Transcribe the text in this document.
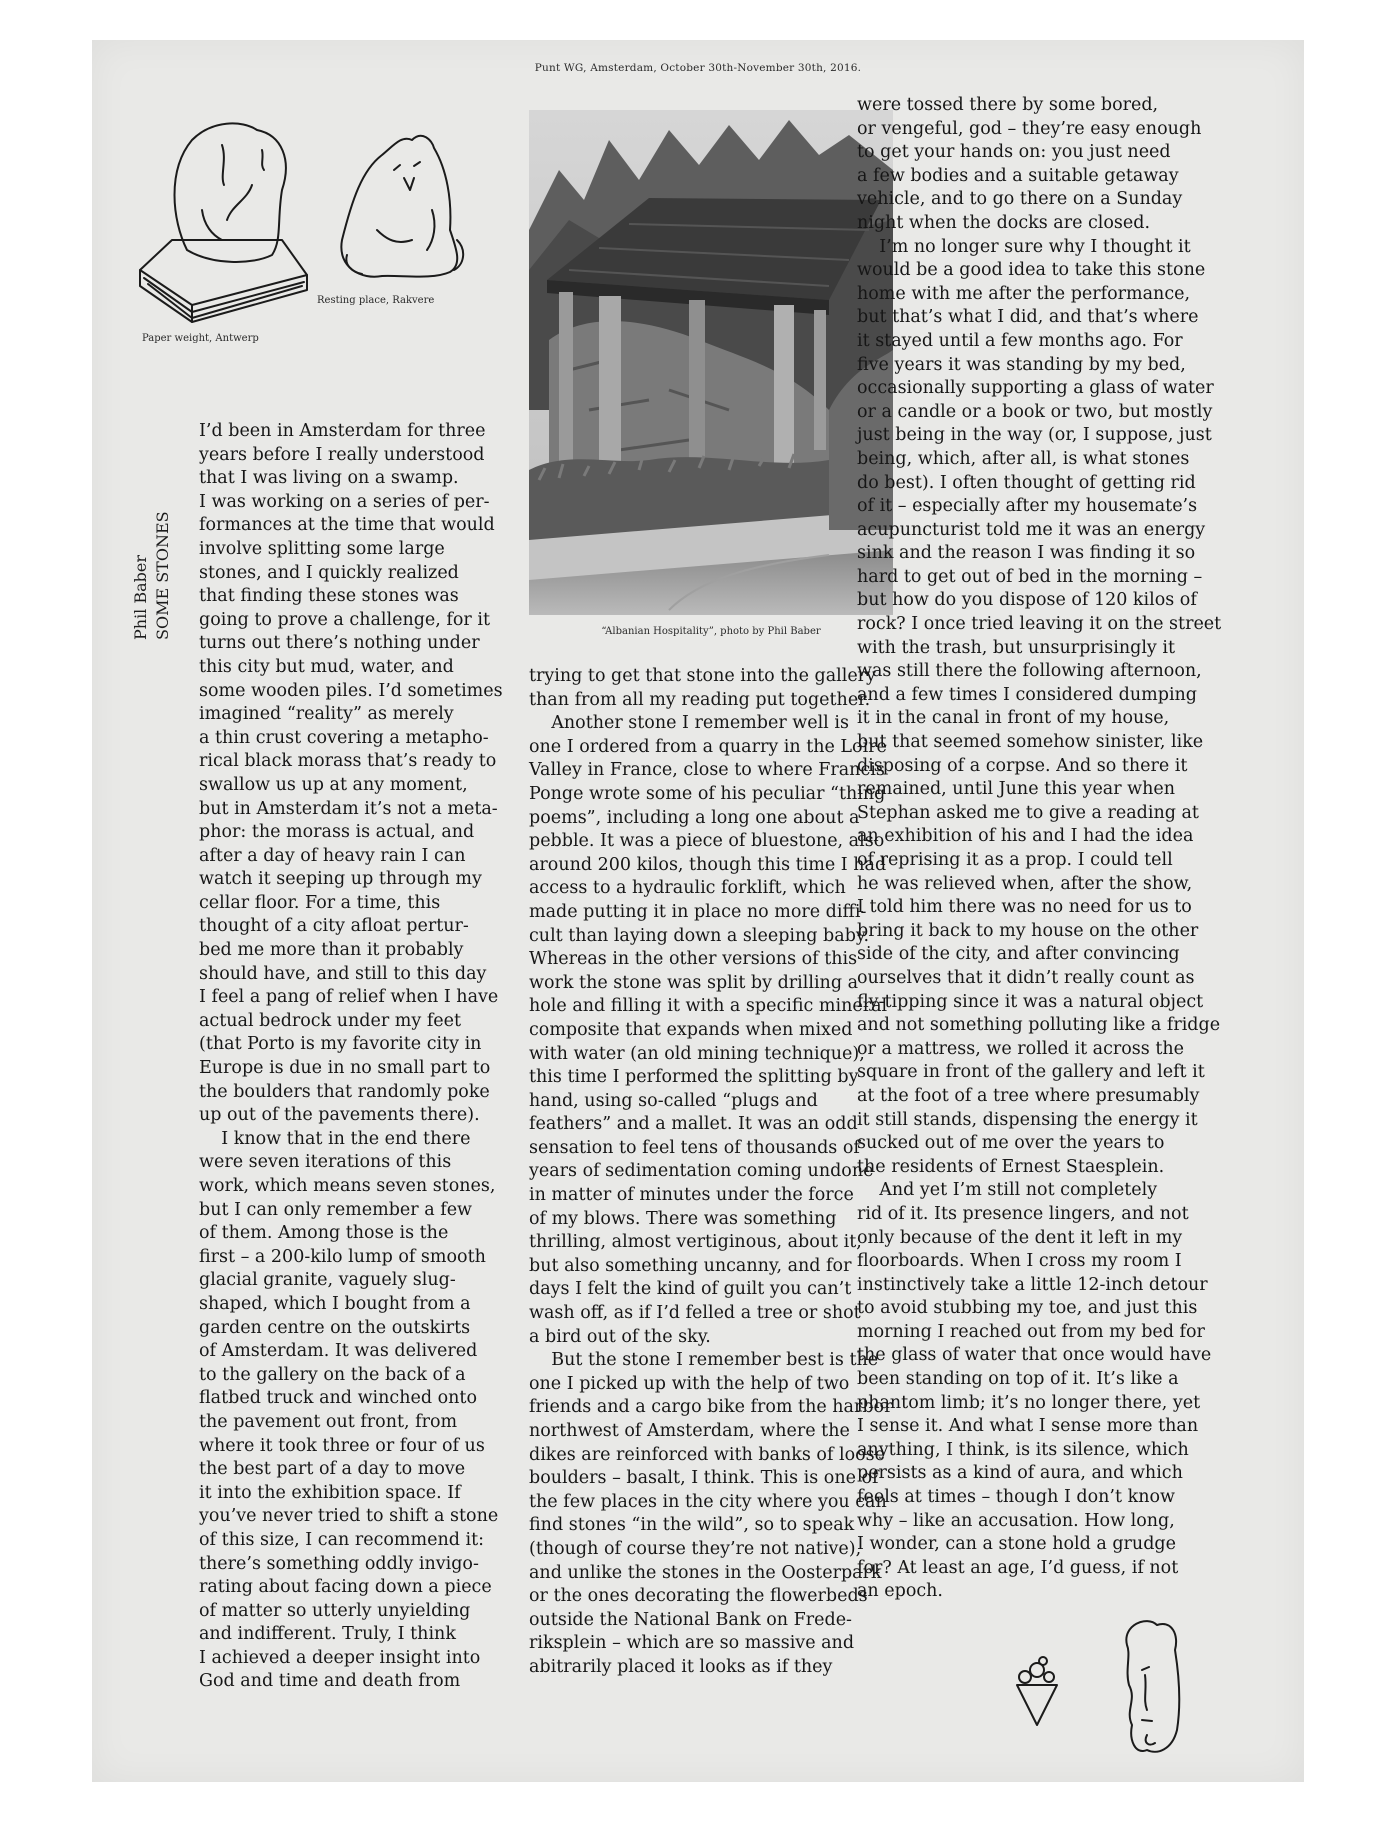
Punt WG, Amsterdam, October 30th-November 30th, 2016.
Resting place, Rakvere
Paper weight, Antwerp
Phil Baber SOME STONES	“Albanian Hospitality”, photo by Phil Baber
I’d been in Amsterdam for three
years before I really understood
that I was living on a swamp.
I was working on a series of per-
formances at the time that would
involve splitting some large
stones, and I quickly realized
that finding these stones was
going to prove a challenge, for it
turns out there’s nothing under
this city but mud, water, and
some wooden piles. I’d sometimes
imagined “reality” as merely
a thin crust covering a metapho-
rical black morass that’s ready to
swallow us up at any moment,
but in Amsterdam it’s not a meta-
phor: the morass is actual, and
after a day of heavy rain I can
watch it seeping up through my
cellar floor. For a time, this
thought of a city afloat pertur-
bed me more than it probably
should have, and still to this day
I feel a pang of relief when I have
actual bedrock under my feet
(that Porto is my favorite city in
Europe is due in no small part to
the boulders that randomly poke
up out of the pavements there).
I know that in the end there
were seven iterations of this
work, which means seven stones,
but I can only remember a few
of them. Among those is the
first – a 200-kilo lump of smooth
glacial granite, vaguely slug-
shaped, which I bought from a
garden centre on the outskirts
of Amsterdam. It was delivered
to the gallery on the back of a
flatbed truck and winched onto
the pavement out front, from
where it took three or four of us
the best part of a day to move
it into the exhibition space. If
you’ve never tried to shift a stone
of this size, I can recommend it:
there’s something oddly invigo-
rating about facing down a piece
of matter so utterly unyielding
and indifferent. Truly, I think
I achieved a deeper insight into
God and time and death from
trying to get that stone into the gallery
than from all my reading put together.
Another stone I remember well is
one I ordered from a quarry in the Loire
Valley in France, close to where Francis
Ponge wrote some of his peculiar “thing
poems”, including a long one about a
pebble. It was a piece of bluestone, also
around 200 kilos, though this time I had
access to a hydraulic forklift, which
made putting it in place no more diffi-
cult than laying down a sleeping baby.
Whereas in the other versions of this
work the stone was split by drilling a
hole and filling it with a specific mineral
composite that expands when mixed
with water (an old mining technique),
this time I performed the splitting by
hand, using so-called “plugs and
feathers” and a mallet. It was an odd
sensation to feel tens of thousands of
years of sedimentation coming undone
in matter of minutes under the force
of my blows. There was something
thrilling, almost vertiginous, about it,
but also something uncanny, and for
days I felt the kind of guilt you can’t
wash off, as if I’d felled a tree or shot
a bird out of the sky.
But the stone I remember best is the
one I picked up with the help of two
friends and a cargo bike from the harbor
northwest of Amsterdam, where the
dikes are reinforced with banks of loose
boulders – basalt, I think. This is one of
the few places in the city where you can
find stones “in the wild”, so to speak
(though of course they’re not native),
and unlike the stones in the Oosterpark
or the ones decorating the flowerbeds
outside the National Bank on Frede-
riksplein – which are so massive and
abitrarily placed it looks as if they
were tossed there by some bored,
or vengeful, god – they’re easy enough
to get your hands on: you just need
a few bodies and a suitable getaway
vehicle, and to go there on a Sunday
night when the docks are closed.
I’m no longer sure why I thought it
would be a good idea to take this stone
home with me after the performance,
but that’s what I did, and that’s where
it stayed until a few months ago. For
five years it was standing by my bed,
occasionally supporting a glass of water
or a candle or a book or two, but mostly
just being in the way (or, I suppose, just
being, which, after all, is what stones
do best). I often thought of getting rid
of it – especially after my housemate’s
acupuncturist told me it was an energy
sink and the reason I was finding it so
hard to get out of bed in the morning –
but how do you dispose of 120 kilos of
rock? I once tried leaving it on the street
with the trash, but unsurprisingly it
was still there the following afternoon,
and a few times I considered dumping
it in the canal in front of my house,
but that seemed somehow sinister, like
disposing of a corpse. And so there it
remained, until June this year when
Stephan asked me to give a reading at
an exhibition of his and I had the idea
of reprising it as a prop. I could tell
he was relieved when, after the show,
I told him there was no need for us to
bring it back to my house on the other
side of the city, and after convincing
ourselves that it didn’t really count as
fly-tipping since it was a natural object
and not something polluting like a fridge
or a mattress, we rolled it across the
square in front of the gallery and left it
at the foot of a tree where presumably
it still stands, dispensing the energy it
sucked out of me over the years to
the residents of Ernest Staesplein.
And yet I’m still not completely
rid of it. Its presence lingers, and not
only because of the dent it left in my
floorboards. When I cross my room I
instinctively take a little 12-inch detour
to avoid stubbing my toe, and just this
morning I reached out from my bed for
the glass of water that once would have
been standing on top of it. It’s like a
phantom limb; it’s no longer there, yet
I sense it. And what I sense more than
anything, I think, is its silence, which
persists as a kind of aura, and which
feels at times – though I don’t know
why – like an accusation. How long,
I wonder, can a stone hold a grudge
for? At least an age, I’d guess, if not
an epoch.
